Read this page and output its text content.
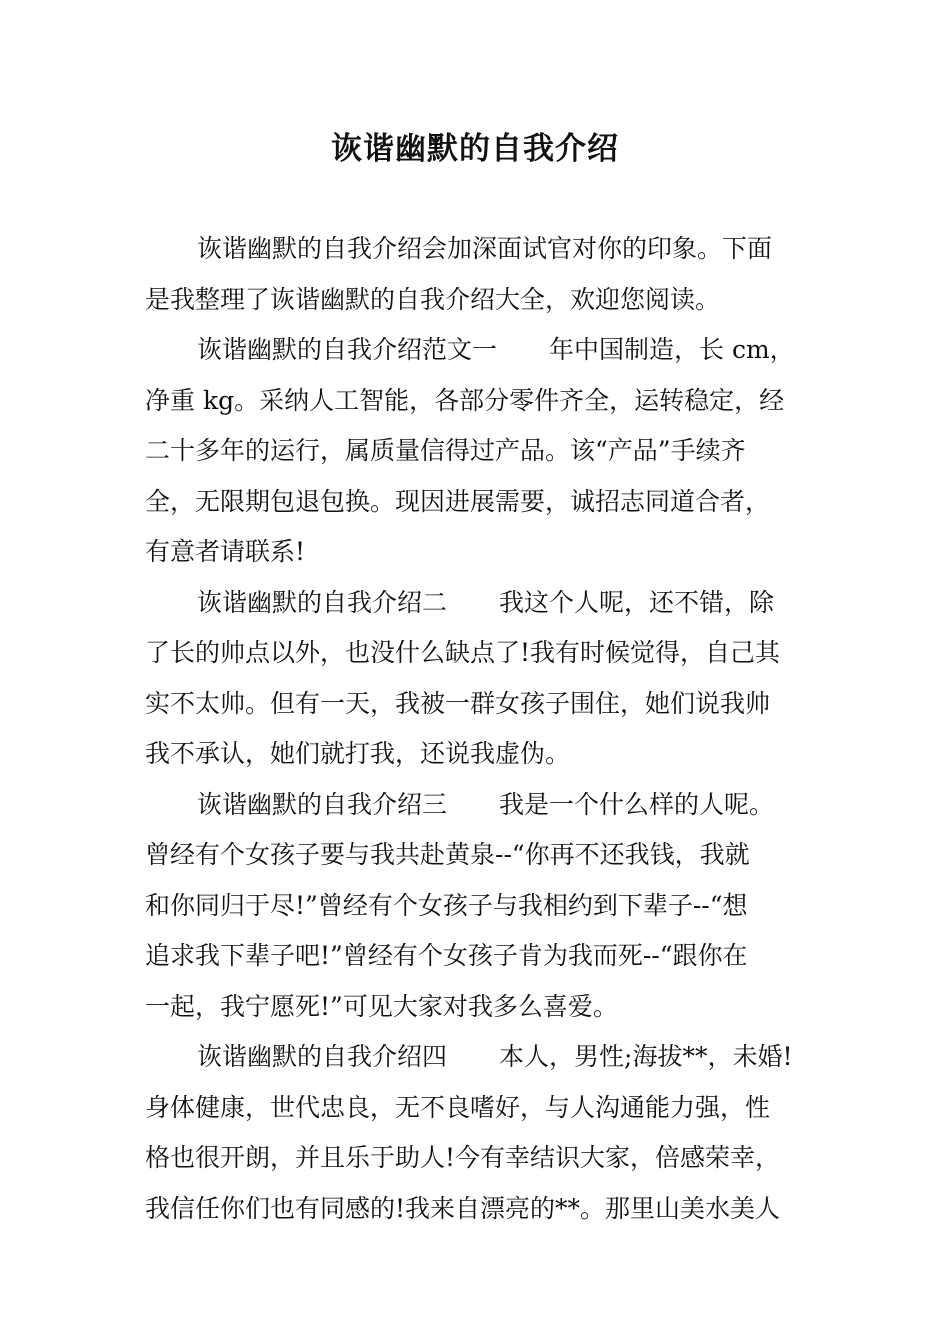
诙谐幽默的自我介绍
诙谐幽默的自我介绍会加深面试官对你的印象。下面
是我整理了诙谐幽默的自我介绍大全，欢迎您阅读。
诙谐幽默的自我介绍范文一 年中国制造，长 cm，
净重 kg。采纳人工智能，各部分零件齐全，运转稳定，经
二十多年的运行，属质量信得过产品。该“产品”手续齐
全，无限期包退包换。现因进展需要，诚招志同道合者，
有意者请联系!
诙谐幽默的自我介绍二 我这个人呢，还不错，除
了长的帅点以外，也没什么缺点了!我有时候觉得，自己其
实不太帅。但有一天，我被一群女孩子围住，她们说我帅
我不承认，她们就打我，还说我虚伪。
诙谐幽默的自我介绍三 我是一个什么样的人呢。
曾经有个女孩子要与我共赴黄泉--“你再不还我钱，我就
和你同归于尽!”曾经有个女孩子与我相约到下辈子--“想
追求我下辈子吧!”曾经有个女孩子肯为我而死--“跟你在
一起，我宁愿死!”可见大家对我多么喜爱。
诙谐幽默的自我介绍四 本人，男性;海拔**，未婚!
身体健康，世代忠良，无不良嗜好，与人沟通能力强，性
格也很开朗，并且乐于助人!今有幸结识大家，倍感荣幸，
我信任你们也有同感的!我来自漂亮的**。那里山美水美人
